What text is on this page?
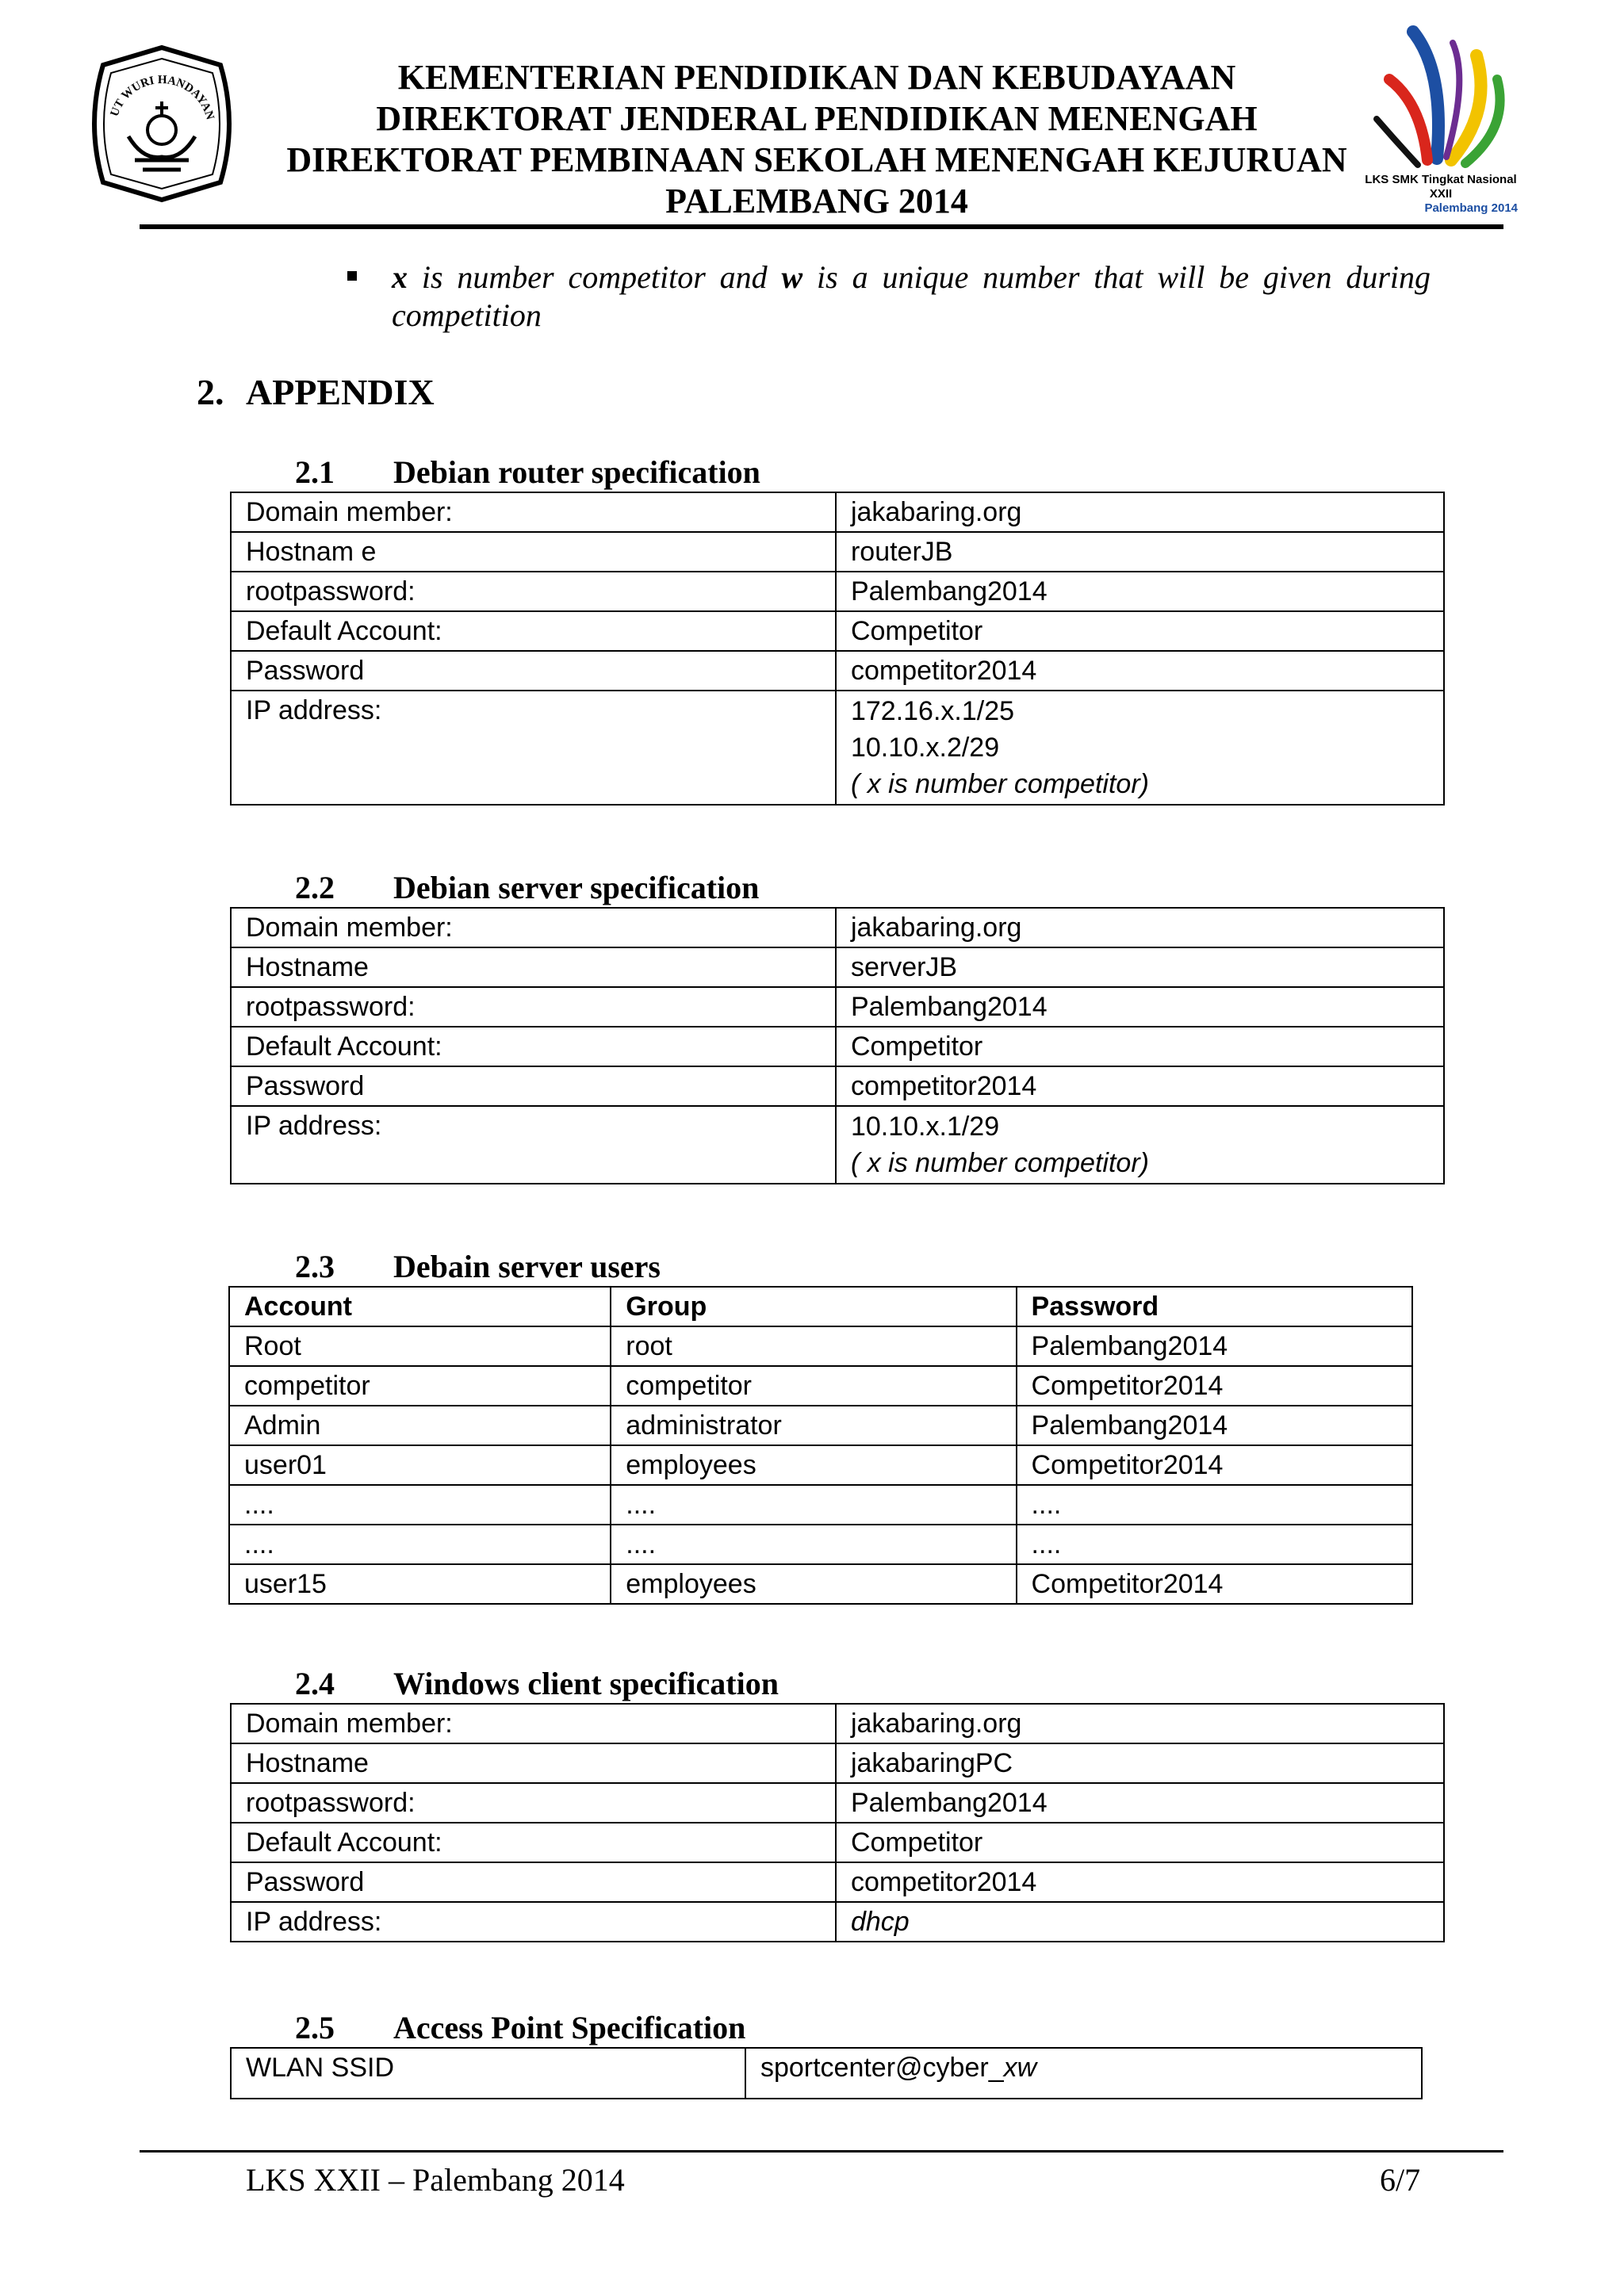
UT WURI HANDAYAN
KEMENTERIAN PENDIDIKAN DAN KEBUDAYAAN
DIREKTORAT JENDERAL PENDIDIKAN MENENGAH
DIREKTORAT PEMBINAAN SEKOLAH MENENGAH KEJURUAN
PALEMBANG 2014
LKS SMK Tingkat Nasional XXII
Palembang 2014
x is number competitor and w is a unique number that will be given during competition
2. APPENDIX
2.1 Debian router specification
Domain member:	jakabaring.org
Hostnam e	routerJB
rootpassword:	Palembang2014
Default Account:	Competitor
Password	competitor2014
IP address:	172.16.x.1/25
10.10.x.2/29
( x is number competitor)
2.2 Debian server specification
Domain member:	jakabaring.org
Hostname	serverJB
rootpassword:	Palembang2014
Default Account:	Competitor
Password	competitor2014
IP address:	10.10.x.1/29
( x is number competitor)
2.3 Debain server users
Account	Group	Password
Root	root	Palembang2014
competitor	competitor	Competitor2014
Admin	administrator	Palembang2014
user01	employees	Competitor2014
....	....	....
....	....	....
user15	employees	Competitor2014
2.4 Windows client specification
Domain member:	jakabaring.org
Hostname	jakabaringPC
rootpassword:	Palembang2014
Default Account:	Competitor
Password	competitor2014
IP address:	dhcp
2.5 Access Point Specification
WLAN SSID	sportcenter@cyber_xw
LKS XXII – Palembang 2014	6/7
